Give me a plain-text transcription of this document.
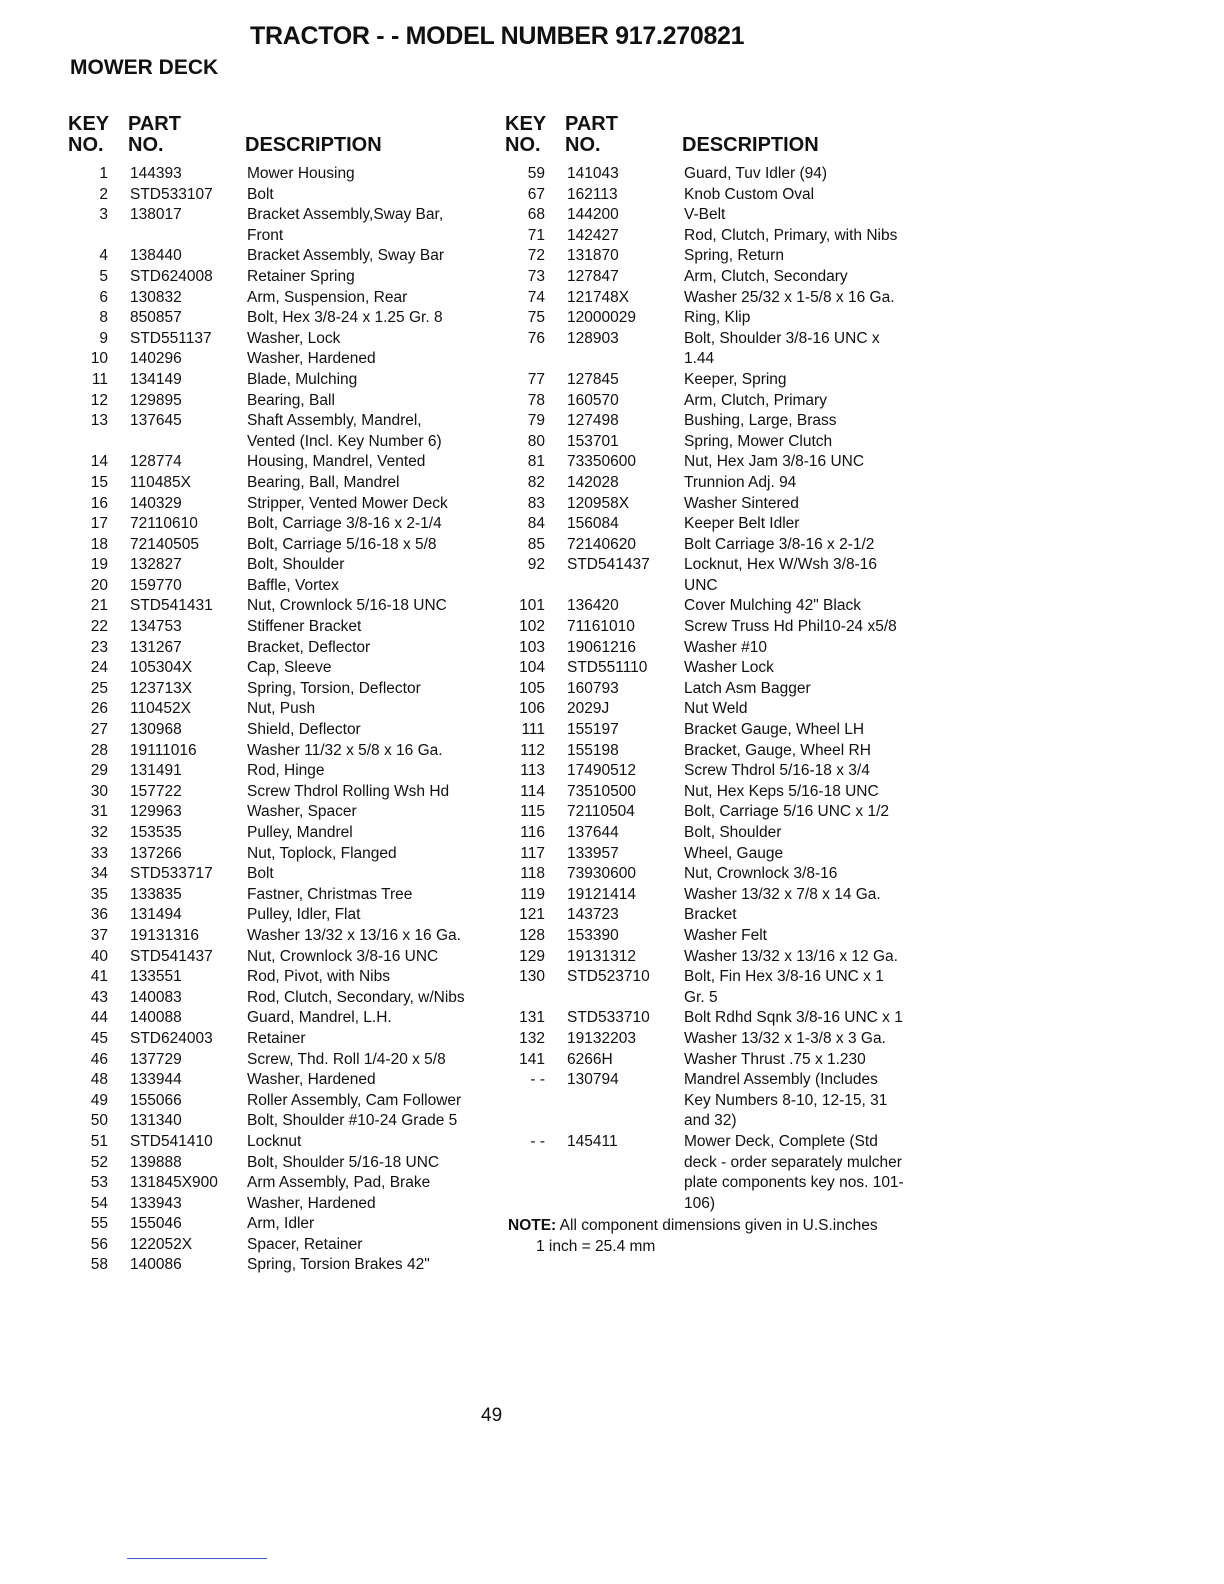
TRACTOR - - MODEL NUMBER 917.270821
MOWER DECK
KEY
NO.
PART
NO.	DESCRIPTION
1	144393	Mower Housing
2	STD533107	Bolt
3	138017	Bracket Assembly,Sway Bar,
Front
4	138440	Bracket Assembly, Sway Bar
5	STD624008	Retainer Spring
6	130832	Arm, Suspension, Rear
8	850857	Bolt, Hex 3/8-24 x 1.25 Gr. 8
9	STD551137	Washer, Lock
10	140296	Washer, Hardened
11	134149	Blade, Mulching
12	129895	Bearing, Ball
13	137645	Shaft Assembly, Mandrel,
Vented (Incl. Key Number 6)
14	128774	Housing, Mandrel, Vented
15	110485X	Bearing, Ball, Mandrel
16	140329	Stripper, Vented Mower Deck
17	72110610	Bolt, Carriage 3/8-16 x 2-1/4
18	72140505	Bolt, Carriage 5/16-18 x 5/8
19	132827	Bolt, Shoulder
20	159770	Baffle, Vortex
21	STD541431	Nut, Crownlock 5/16-18 UNC
22	134753	Stiffener Bracket
23	131267	Bracket, Deflector
24	105304X	Cap, Sleeve
25	123713X	Spring, Torsion, Deflector
26	110452X	Nut, Push
27	130968	Shield, Deflector
28	19111016	Washer 11/32 x 5/8 x 16 Ga.
29	131491	Rod, Hinge
30	157722	Screw Thdrol Rolling Wsh Hd
31	129963	Washer, Spacer
32	153535	Pulley, Mandrel
33	137266	Nut, Toplock, Flanged
34	STD533717	Bolt
35	133835	Fastner, Christmas Tree
36	131494	Pulley, Idler, Flat
37	19131316	Washer 13/32 x 13/16 x 16 Ga.
40	STD541437	Nut, Crownlock 3/8-16 UNC
41	133551	Rod, Pivot, with Nibs
43	140083	Rod, Clutch, Secondary, w/Nibs
44	140088	Guard, Mandrel, L.H.
45	STD624003	Retainer
46	137729	Screw, Thd. Roll 1/4-20 x 5/8
48	133944	Washer, Hardened
49	155066	Roller Assembly, Cam Follower
50	131340	Bolt, Shoulder #10-24 Grade 5
51	STD541410	Locknut
52	139888	Bolt, Shoulder 5/16-18 UNC
53	131845X900	Arm Assembly, Pad, Brake
54	133943	Washer, Hardened
55	155046	Arm, Idler
56	122052X	Spacer, Retainer
58	140086	Spring, Torsion Brakes 42"
KEY
NO.
PART
NO.	DESCRIPTION
59	141043	Guard, Tuv Idler (94)
67	162113	Knob Custom Oval
68	144200	V-Belt
71	142427	Rod, Clutch, Primary, with Nibs
72	131870	Spring, Return
73	127847	Arm, Clutch, Secondary
74	121748X	Washer 25/32 x 1-5/8 x 16 Ga.
75	12000029	Ring, Klip
76	128903	Bolt, Shoulder 3/8-16 UNC x
1.44
77	127845	Keeper, Spring
78	160570	Arm, Clutch, Primary
79	127498	Bushing, Large, Brass
80	153701	Spring, Mower Clutch
81	73350600	Nut, Hex Jam 3/8-16 UNC
82	142028	Trunnion Adj. 94
83	120958X	Washer Sintered
84	156084	Keeper Belt Idler
85	72140620	Bolt Carriage 3/8-16 x 2-1/2
92	STD541437	Locknut, Hex W/Wsh 3/8-16
UNC
101	136420	Cover Mulching 42" Black
102	71161010	Screw Truss Hd Phil10-24 x5/8
103	19061216	Washer #10
104	STD551110	Washer Lock
105	160793	Latch Asm Bagger
106	2029J	Nut Weld
111	155197	Bracket Gauge, Wheel LH
112	155198	Bracket, Gauge, Wheel RH
113	17490512	Screw Thdrol 5/16-18 x 3/4
114	73510500	Nut, Hex Keps 5/16-18 UNC
115	72110504	Bolt, Carriage 5/16 UNC x 1/2
116	137644	Bolt, Shoulder
117	133957	Wheel, Gauge
118	73930600	Nut, Crownlock 3/8-16
119	19121414	Washer 13/32 x 7/8 x 14 Ga.
121	143723	Bracket
128	153390	Washer Felt
129	19131312	Washer 13/32 x 13/16 x 12 Ga.
130	STD523710	Bolt, Fin Hex 3/8-16 UNC x 1
Gr. 5
131	STD533710	Bolt Rdhd Sqnk 3/8-16 UNC x 1
132	19132203	Washer 13/32 x 1-3/8 x 3 Ga.
141	6266H	Washer Thrust .75 x 1.230
- -	130794	Mandrel Assembly (Includes
Key Numbers 8-10, 12-15, 31
and 32)
- -	145411	Mower Deck, Complete (Std
deck - order separately mulcher
plate components key nos. 101-
106)
NOTE: All component dimensions given in U.S.inches
1 inch = 25.4 mm
49
